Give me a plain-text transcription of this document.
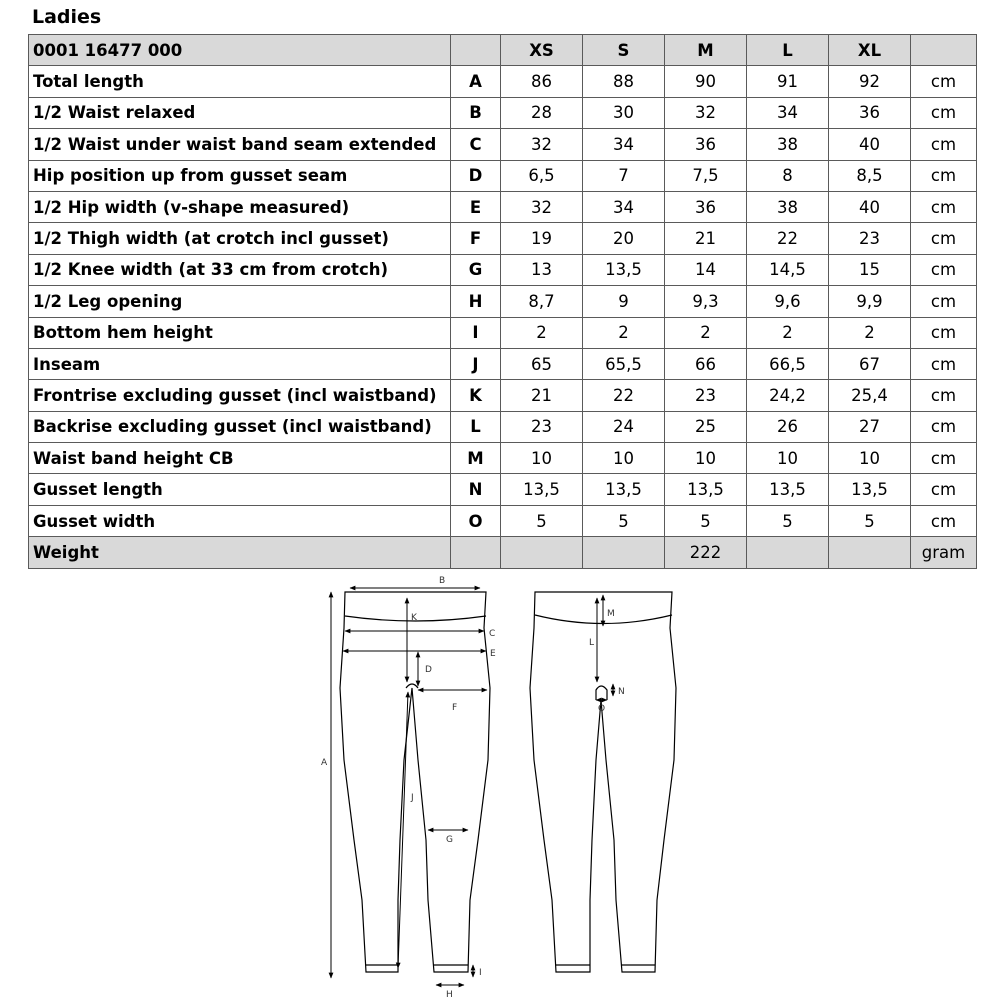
Ladies
0001 16477 000		XS	S	M	L	XL	
Total length	A	86	88	90	91	92	cm
1/2 Waist relaxed	B	28	30	32	34	36	cm
1/2 Waist under waist band seam extended	C	32	34	36	38	40	cm
Hip position up from gusset seam	D	6,5	7	7,5	8	8,5	cm
1/2 Hip width (v-shape measured)	E	32	34	36	38	40	cm
1/2 Thigh width (at crotch incl gusset)	F	19	20	21	22	23	cm
1/2 Knee width (at 33 cm from crotch)	G	13	13,5	14	14,5	15	cm
1/2 Leg opening	H	8,7	9	9,3	9,6	9,9	cm
Bottom hem height	I	2	2	2	2	2	cm
Inseam	J	65	65,5	66	66,5	67	cm
Frontrise excluding gusset (incl waistband)	K	21	22	23	24,2	25,4	cm
Backrise excluding gusset (incl waistband)	L	23	24	25	26	27	cm
Waist band height CB	M	10	10	10	10	10	cm
Gusset length	N	13,5	13,5	13,5	13,5	13,5	cm
Gusset width	O	5	5	5	5	5	cm
Weight				222			gram
A
B
C
E
K
D
F
J
G
H
I
M
L
N
O
